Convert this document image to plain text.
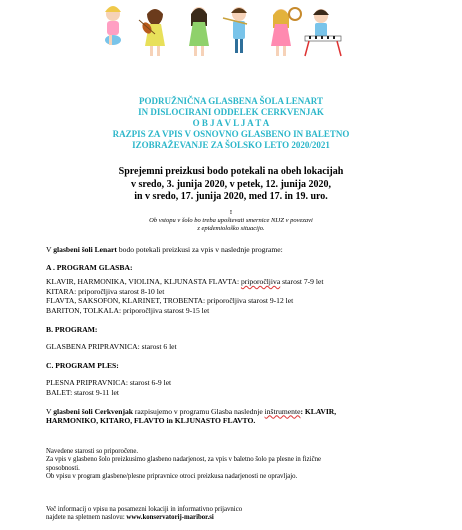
PODRUŽNIČNA GLASBENA ŠOLA LENART
IN DISLOCIRANI ODDELEK CERKVENJAK
O B J A V L J A T A
RAZPIS ZA VPIS V OSNOVNO GLASBENO IN BALETNO
IZOBRAŽEVANJE ZA ŠOLSKO LETO 2020/2021
Sprejemni preizkusi bodo potekali na obeh lokacijah
v sredo, 3. junija 2020, v petek, 12. junija 2020,
in v sredo, 17. junija 2020, med 17. in 19. uro.
!
Ob vstopu v šolo bo treba upoštevati smernice NIJZ v povezavi
z epidemiološko situacijo.

V glasbeni šoli Lenart bodo potekali preizkusi za vpis v naslednje programe:

A . PROGRAM GLASBA:

KLAVIR, HARMONIKA, VIOLINA, KLJUNASTA FLAVTA: priporočljiva starost 7-9 let

KITARA: priporočljiva starost 8-10 let

FLAVTA, SAKSOFON, KLARINET, TROBENTA: priporočljiva starost 9-12 let

BARITON, TOLKALA: priporočljiva starost 9-15 let

B. PROGRAM:

GLASBENA PRIPRAVNICA: starost 6 let

C. PROGRAM PLES:

PLESNA PRIPRAVNICA: starost 6-9 let

BALET: starost 9-11 let

V glasbeni šoli Cerkvenjak razpisujemo v programu Glasba naslednje inštrumente: KLAVIR,

HARMONIKO, KITARO, FLAVTO in KLJUNASTO FLAVTO.

Navedene starosti so priporočene.

Za vpis v glasbeno šolo preizkusimo glasbeno nadarjenost, za vpis v baletno šolo pa plesne in fizične

sposobnosti.

Ob vpisu v program glasbene/plesne pripravnice otroci preizkusa nadarjenosti ne opravljajo.

Več informacij o vpisu na posamezni lokaciji in informativno prijavnico

najdete na spletnem naslovu: www.konservatorij-maribor.si
